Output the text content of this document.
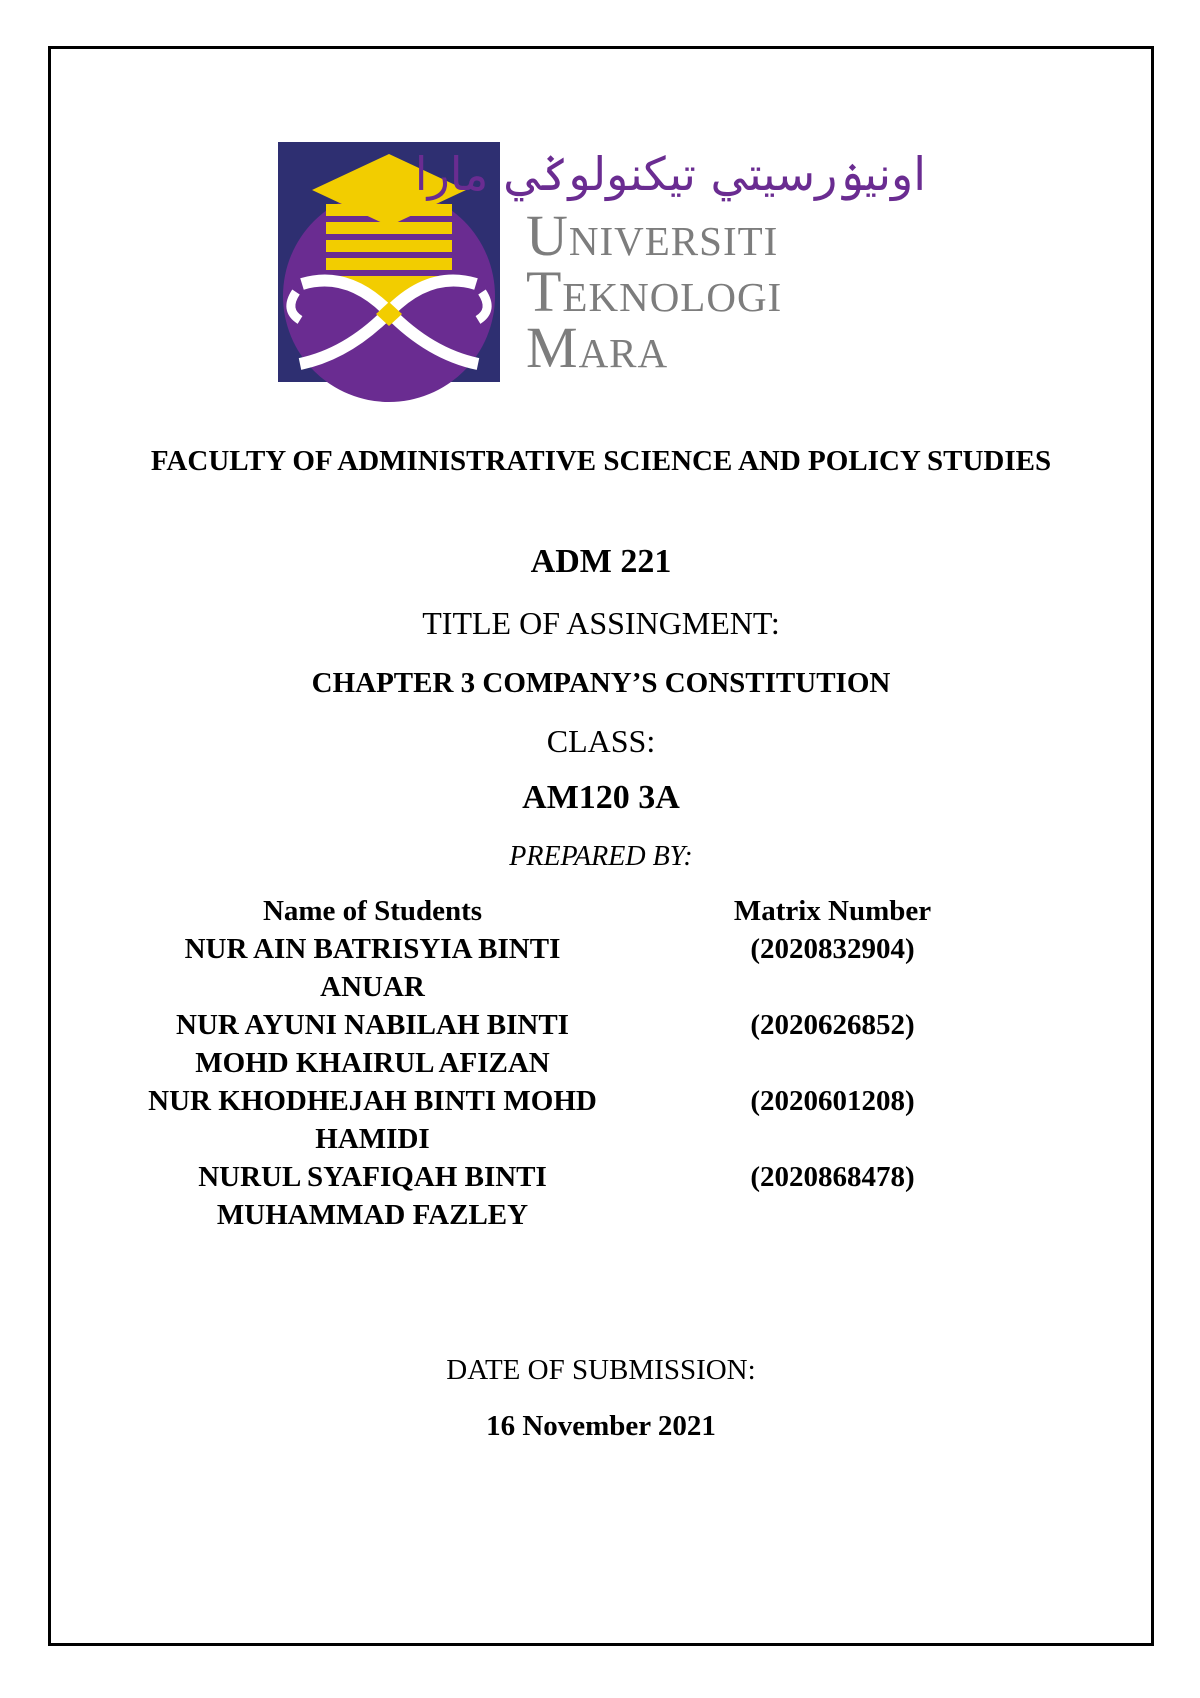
اونيۏرسيتي تيکنولوݢي مارا
Universiti
Teknologi
Mara
FACULTY OF ADMINISTRATIVE SCIENCE AND POLICY STUDIES
ADM 221
TITLE OF ASSINGMENT:
CHAPTER 3 COMPANY’S CONSTITUTION
CLASS:
AM120 3A
PREPARED BY:
Name of Students	Matrix Number
NUR AIN BATRISYIA BINTI ANUAR
(2020832904)
NUR AYUNI NABILAH BINTI MOHD KHAIRUL AFIZAN
(2020626852)
NUR KHODHEJAH BINTI MOHD HAMIDI
(2020601208)
NURUL SYAFIQAH BINTI MUHAMMAD FAZLEY
(2020868478)
DATE OF SUBMISSION:
16 November 2021
